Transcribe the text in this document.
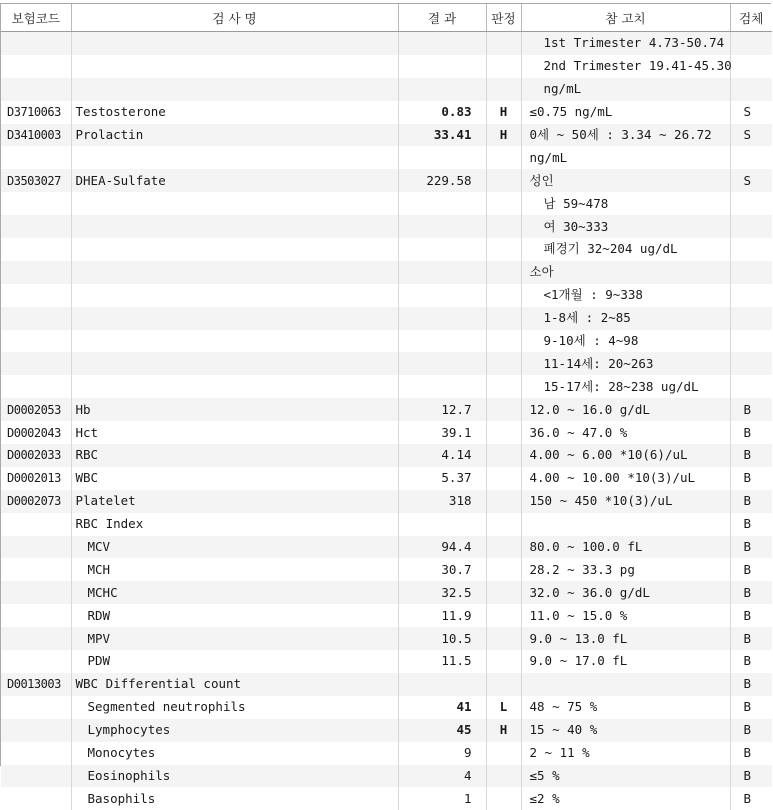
보험코드	검 사 명	결 과	판정	참 고치	검체
				1st Trimester 4.73-50.74	
				2nd Trimester 19.41-45.30	
				ng/mL	
D3710063	Testosterone	0.83	H	≤0.75 ng/mL	S
D3410003	Prolactin	33.41	H	0세 ~ 50세 : 3.34 ~ 26.72	S
				ng/mL	
D3503027	DHEA-Sulfate	229.58		성인	S
				남 59~478	
				여 30~333	
				폐경기 32~204 ug/dL	
				소아	
				<1개월 : 9~338	
				1-8세 : 2~85	
				9-10세 : 4~98	
				11-14세: 20~263	
				15-17세: 28~238 ug/dL	
D0002053	Hb	12.7		12.0 ~ 16.0 g/dL	B
D0002043	Hct	39.1		36.0 ~ 47.0 %	B
D0002033	RBC	4.14		4.00 ~ 6.00 *10(6)/uL	B
D0002013	WBC	5.37		4.00 ~ 10.00 *10(3)/uL	B
D0002073	Platelet	318		150 ~ 450 *10(3)/uL	B
	RBC Index				B
	MCV	94.4		80.0 ~ 100.0 fL	B
	MCH	30.7		28.2 ~ 33.3 pg	B
	MCHC	32.5		32.0 ~ 36.0 g/dL	B
	RDW	11.9		11.0 ~ 15.0 %	B
	MPV	10.5		9.0 ~ 13.0 fL	B
	PDW	11.5		9.0 ~ 17.0 fL	B
D0013003	WBC Differential count				B
	Segmented neutrophils	41	L	48 ~ 75 %	B
	Lymphocytes	45	H	15 ~ 40 %	B
	Monocytes	9		2 ~ 11 %	B
	Eosinophils	4		≤5 %	B
	Basophils	1		≤2 %	B
